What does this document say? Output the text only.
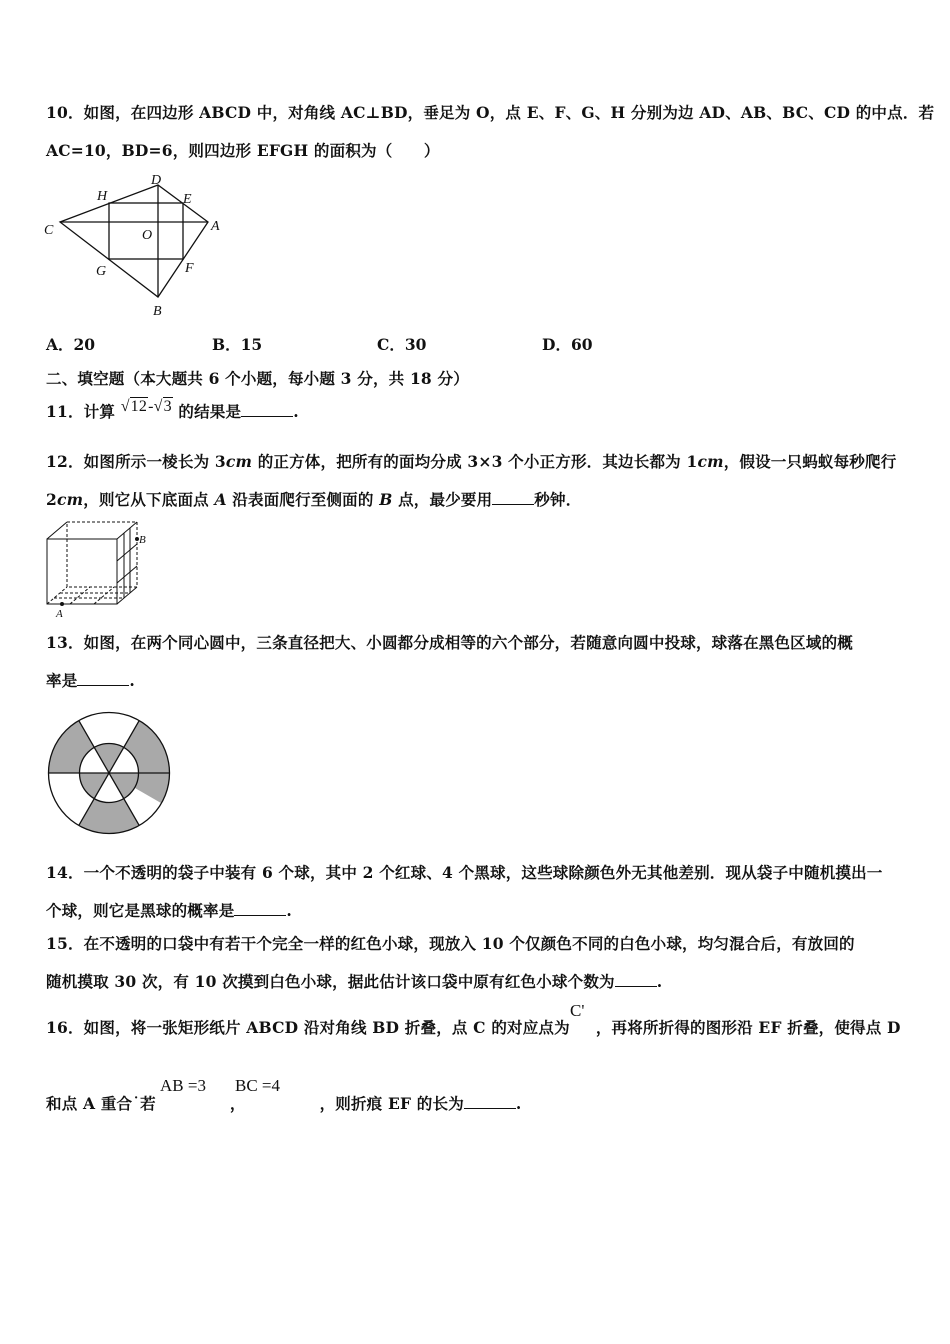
10．如图，在四边形 ABCD 中，对角线 AC⊥BD，垂足为 O，点 E、F、G、H 分别为边 AD、AB、BC、CD 的中点．若
AC=10，BD=6，则四边形 EFGH 的面积为（　　）
D
H	E
C	O
A
G	F
B
A．20	B．15	C．30	D．60
二、填空题（本大题共 6 个小题，每小题 3 分，共 18 分）
11．计算 √12-√3 的结果是	.
12．如图所示一棱长为 3cm 的正方体，把所有的面均分成 3×3 个小正方形．其边长都为 1cm，假设一只蚂蚁每秒爬行
2cm，则它从下底面点 A 沿表面爬行至侧面的 B 点，最少要用	秒钟．
B
A
13．如图，在两个同心圆中，三条直径把大、小圆都分成相等的六个部分，若随意向圆中投球，球落在黑色区域的概
率是	.
14．一个不透明的袋子中装有 6 个球，其中 2 个红球、4 个黑球，这些球除颜色外无其他差别．现从袋子中随机摸出一
个球，则它是黑球的概率是	.
15．在不透明的口袋中有若干个完全一样的红色小球，现放入 10 个仅颜色不同的白色小球，均匀混合后，有放回的
随机摸取 30 次，有 10 次摸到白色小球，据此估计该口袋中原有红色小球个数为	.
16．如图，将一张矩形纸片 ABCD 沿对角线 BD 折叠，点 C 的对应点为 ，再将所折得的图形沿 EF 折叠，使得点 D
C'
和点 A 重合˙若	，	，则折痕 EF 的长为	.
AB =3 BC =4
